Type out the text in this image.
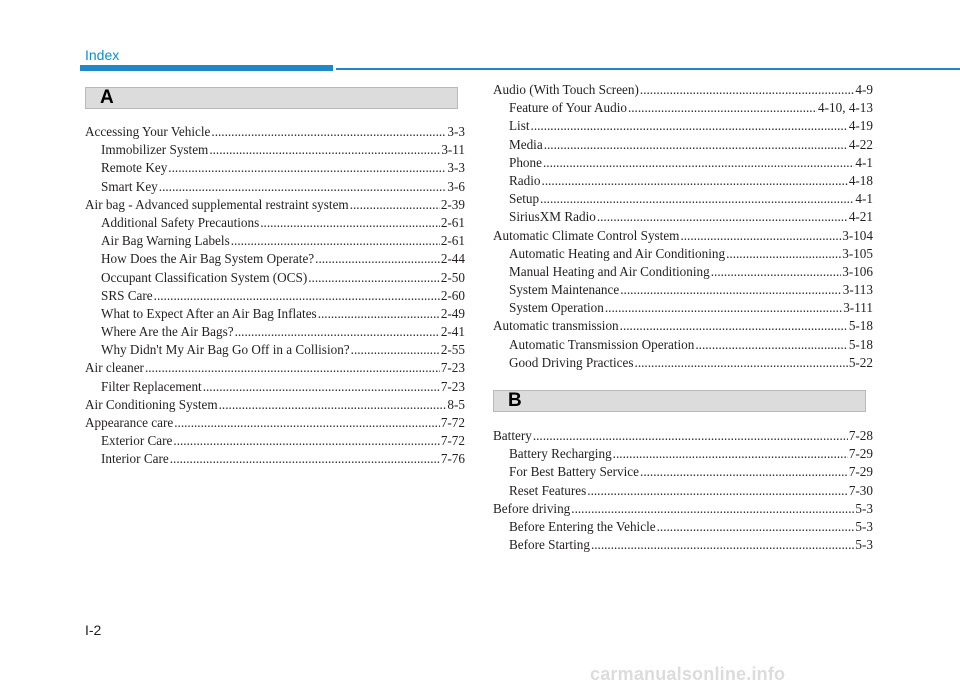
Index
A
Accessing Your Vehicle .....	3-3
Immobilizer System .....	3-11
Remote Key .....	3-3
Smart Key .....	3-6
Air bag - Advanced supplemental restraint system .....	2-39
Additional Safety Precautions .....	2-61
Air Bag Warning Labels .....	2-61
How Does the Air Bag System Operate? .....	2-44
Occupant Classification System (OCS) .....	2-50
SRS Care .....	2-60
What to Expect After an Air Bag Inflates .....	2-49
Where Are the Air Bags? .....	2-41
Why Didn't My Air Bag Go Off in a Collision? .....	2-55
Air cleaner .....	7-23
Filter Replacement .....	7-23
Air Conditioning System .....	8-5
Appearance care .....	7-72
Exterior Care .....	7-72
Interior Care .....	7-76
Audio (With Touch Screen) .....	4-9
Feature of Your Audio .....	4-10, 4-13
List .....	4-19
Media .....	4-22
Phone .....	4-1
Radio .....	4-18
Setup .....	4-1
SiriusXM Radio .....	4-21
Automatic Climate Control System .....	3-104
Automatic Heating and Air Conditioning .....	3-105
Manual Heating and Air Conditioning .....	3-106
System Maintenance .....	3-113
System Operation .....	3-111
Automatic transmission .....	5-18
Automatic Transmission Operation .....	5-18
Good Driving Practices .....	5-22
B
Battery .....	7-28
Battery Recharging .....	7-29
For Best Battery Service .....	7-29
Reset Features .....	7-30
Before driving .....	5-3
Before Entering the Vehicle .....	5-3
Before Starting .....	5-3
I-2
carmanualsonline.info
